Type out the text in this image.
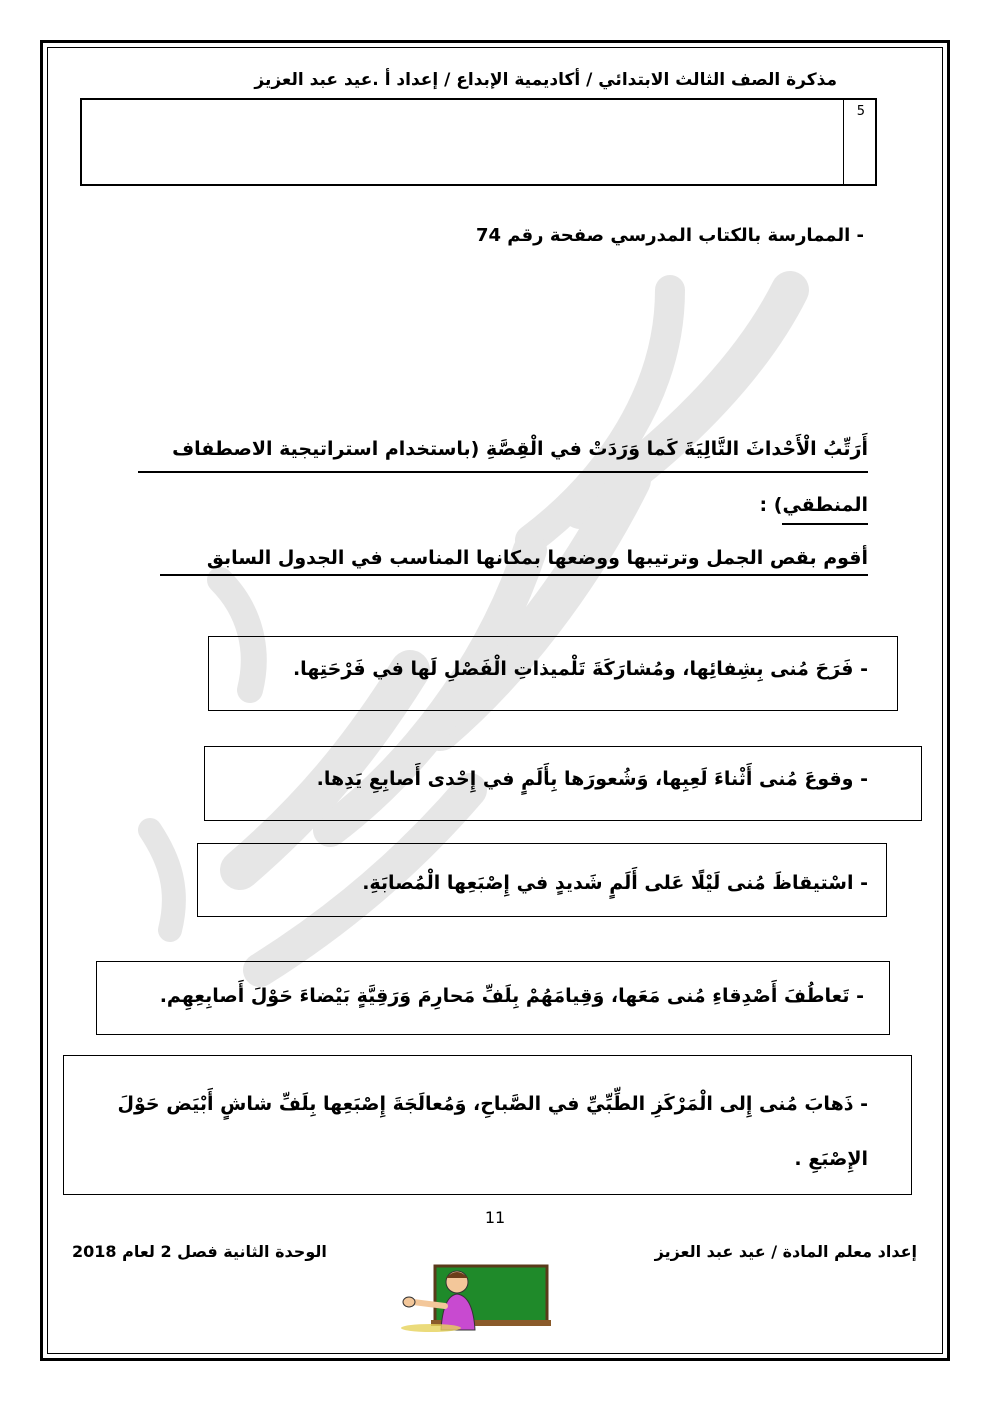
مذكرة الصف الثالث الابتدائي / أكاديمية الإبداع / إعداد أ .عيد عبد العزيز
5
- الممارسة بالكتاب المدرسي صفحة رقم 74
أَرَتِّبُ الْأَحْداثَ التَّالِيَةَ كَما وَرَدَتْ في الْقِصَّةِ (باستخدام استراتيجية الاصطفاف
المنطقي) :
أقوم بقص الجمل وترتيبها ووضعها بمكانها المناسب في الجدول السابق
- فَرَحَ مُنى بِشِفائِها، ومُشارَكَةَ تَلْميذاتِ الْفَصْلِ لَها في فَرْحَتِها.
- وقوعَ مُنى أَثْناءَ لَعِبِها، وَشُعورَها بِأَلَمٍ في إِحْدى أَصابِعِ يَدِها.
- اسْتيقاظَ مُنى لَيْلًا عَلى أَلَمٍ شَديدٍ في إِصْبَعِها الْمُصابَةِ.
- تَعاطُفَ أَصْدِقاءِ مُنى مَعَها، وَقِيامَهُمْ بِلَفِّ مَحارِمَ وَرَقِيَّةٍ بَيْضاءَ حَوْلَ أَصابِعِهِم.
- ذَهابَ مُنى إِلى الْمَرْكَزِ الطِّبِّيِّ في الصَّباحِ، وَمُعالَجَةَ إِصْبَعِها بِلَفِّ شاشٍ أَبْيَض حَوْلَ
الإِصْبَعِ .
11
إعداد معلم المادة / عيد عبد العزيز
الوحدة الثانية فصل 2 لعام 2018
